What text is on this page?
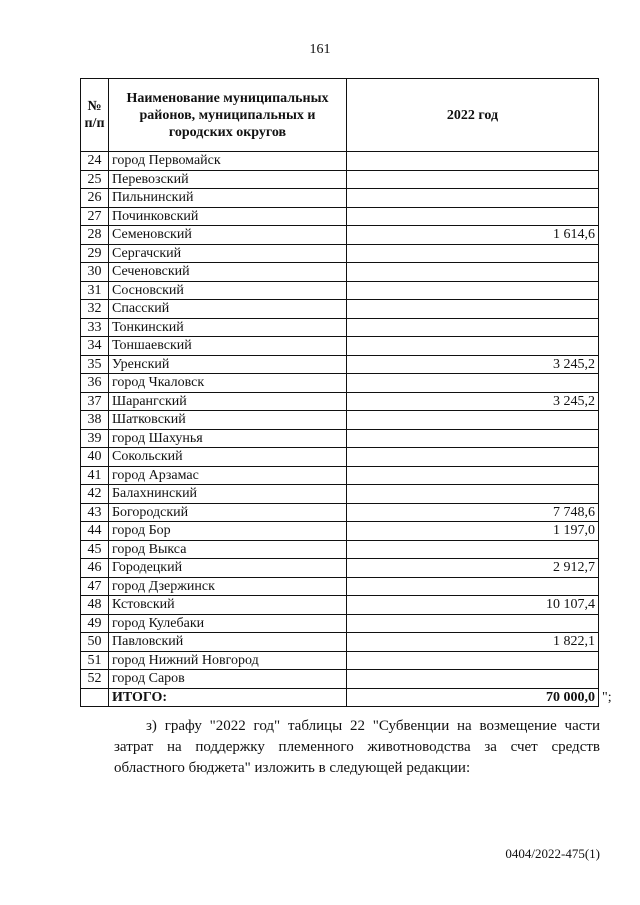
161
№ п/п	Наименование муниципальных районов, муниципальных и городских округов	2022 год
24	город Первомайск	
25	Перевозский	
26	Пильнинский	
27	Починковский	
28	Семеновский	1 614,6
29	Сергачский	
30	Сеченовский	
31	Сосновский	
32	Спасский	
33	Тонкинский	
34	Тоншаевский	
35	Уренский	3 245,2
36	город Чкаловск	
37	Шарангский	3 245,2
38	Шатковский	
39	город Шахунья	
40	Сокольский	
41	город Арзамас	
42	Балахнинский	
43	Богородский	7 748,6
44	город Бор	1 197,0
45	город Выкса	
46	Городецкий	2 912,7
47	город Дзержинск	
48	Кстовский	10 107,4
49	город Кулебаки	
50	Павловский	1 822,1
51	город Нижний Новгород	
52	город Саров	
	ИТОГО:	70 000,0 ";
з) графу "2022 год" таблицы 22 "Субвенции на возмещение части
затрат на поддержку племенного животноводства за счет средств областного бюджета" изложить в следующей редакции:
0404/2022-475(1)
